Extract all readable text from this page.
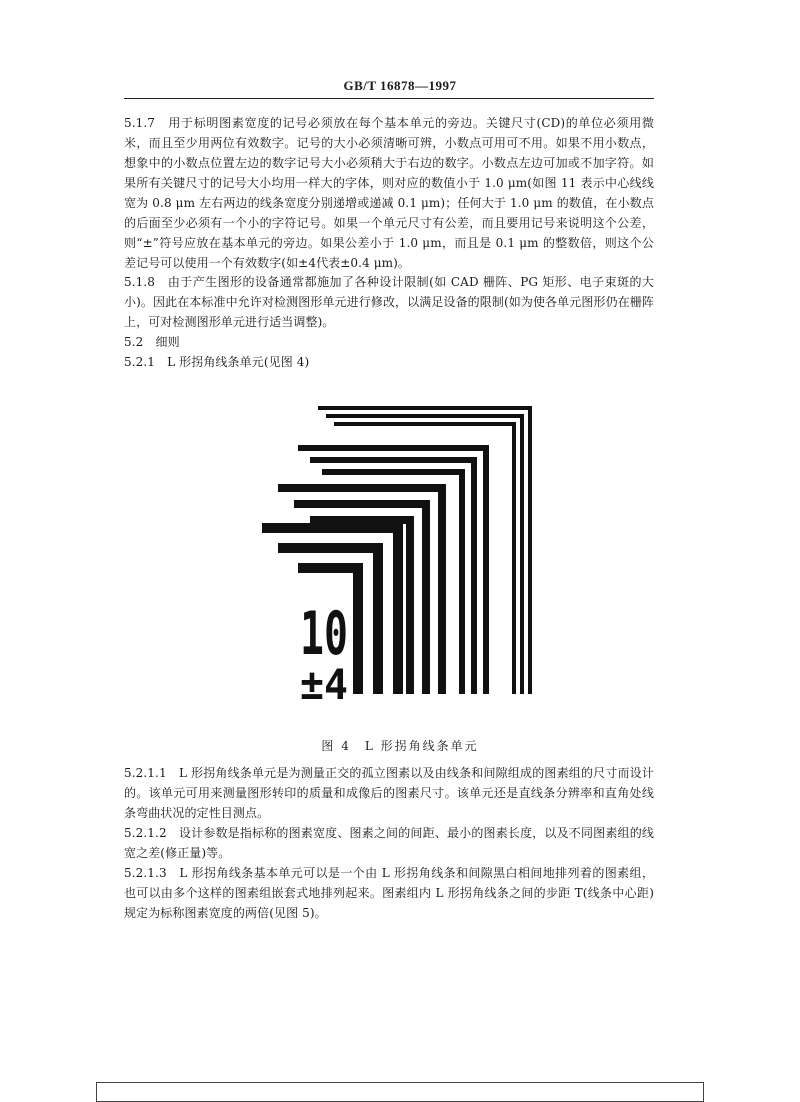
GB/T 16878—1997

5.1.7　用于标明图素宽度的记号必须放在每个基本单元的旁边。关键尺寸(CD)的单位必须用微米，而且至少用两位有效数字。记号的大小必须清晰可辨，小数点可用可不用。如果不用小数点，想象中的小数点位置左边的数字记号大小必须稍大于右边的数字。小数点左边可加或不加字符。如果所有关键尺寸的记号大小均用一样大的字体，则对应的数值小于 1.0 μm(如图 11 表示中心线线宽为 0.8 μm 左右两边的线条宽度分别递增或递减 0.1 μm)；任何大于 1.0 μm 的数值，在小数点的后面至少必须有一个小的字符记号。如果一个单元尺寸有公差，而且要用记号来说明这个公差，则“±”符号应放在基本单元的旁边。如果公差小于 1.0 μm，而且是 0.1 μm 的整数倍，则这个公差记号可以使用一个有效数字(如±4代表±0.4 μm)。

5.1.8　由于产生图形的设备通常都施加了各种设计限制(如 CAD 栅阵、PG 矩形、电子束斑的大小)。因此在本标准中允许对检测图形单元进行修改，以满足设备的限制(如为使各单元图形仍在栅阵上，可对检测图形单元进行适当调整)。

5.2　细则

5.2.1　L 形拐角线条单元(见图 4)

10
±4
图 4　L 形拐角线条单元

5.2.1.1　L 形拐角线条单元是为测量正交的孤立图素以及由线条和间隙组成的图素组的尺寸而设计的。该单元可用来测量图形转印的质量和成像后的图素尺寸。该单元还是直线条分辨率和直角处线条弯曲状况的定性目测点。

5.2.1.2　设计参数是指标称的图素宽度、图素之间的间距、最小的图素长度，以及不同图素组的线宽之差(修正量)等。

5.2.1.3　L 形拐角线条基本单元可以是一个由 L 形拐角线条和间隙黑白相间地排列着的图素组，也可以由多个这样的图素组嵌套式地排列起来。图素组内 L 形拐角线条之间的步距 T(线条中心距)规定为标称图素宽度的两倍(见图 5)。
